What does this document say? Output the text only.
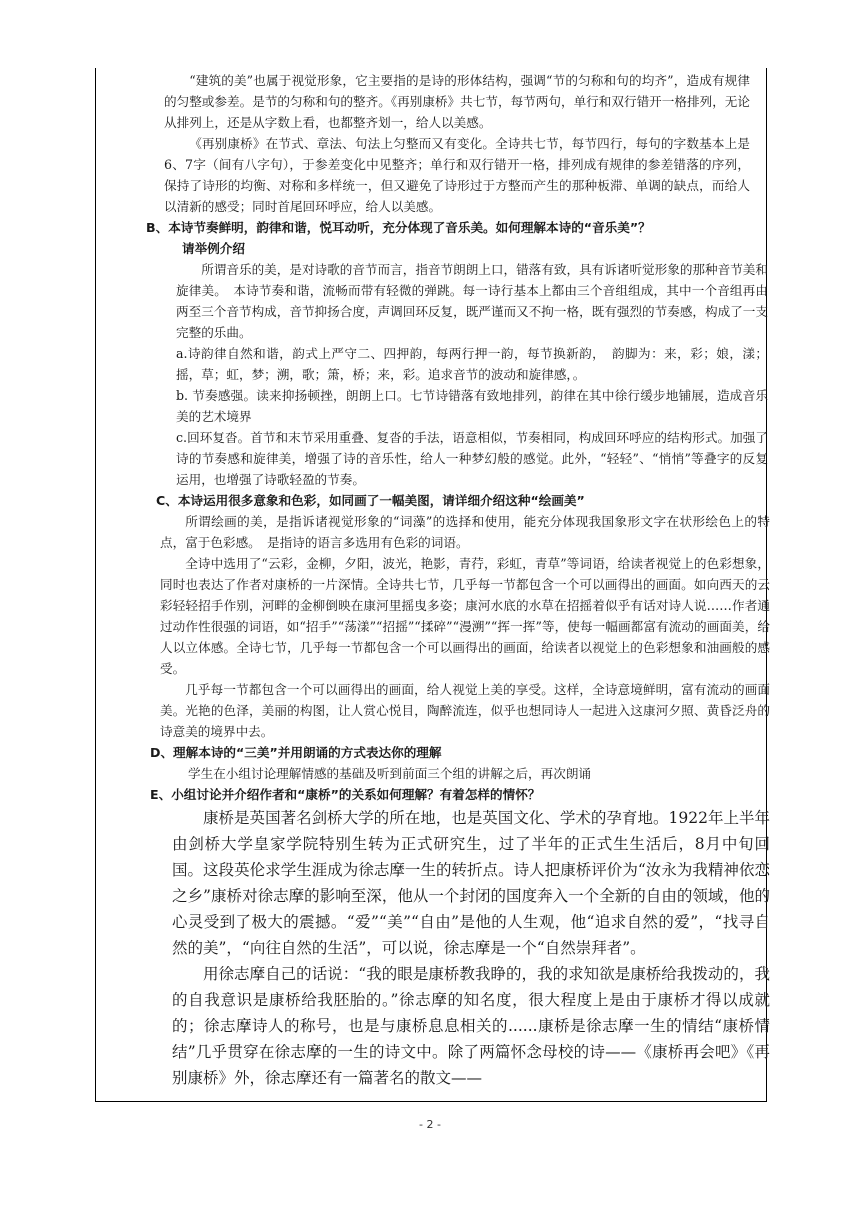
“建筑的美”也属于视觉形象，它主要指的是诗的形体结构，强调“节的匀称和句的均齐”，造成有规律的匀整或参差。是节的匀称和句的整齐。《再别康桥》共七节，每节两句，单行和双行错开一格排列，无论从排列上，还是从字数上看，也都整齐划一，给人以美感。

《再别康桥》在节式、章法、句法上匀整而又有变化。全诗共七节，每节四行，每句的字数基本上是6、7字（间有八字句），于参差变化中见整齐；单行和双行错开一格，排列成有规律的参差错落的序列，保持了诗形的均衡、对称和多样统一，但又避免了诗形过于方整而产生的那种板滞、单调的缺点，而给人以清新的感受；同时首尾回环呼应，给人以美感。

B、本诗节奏鲜明，韵律和谐，悦耳动听，充分体现了音乐美。如何理解本诗的“音乐美”？
请举例介绍

所谓音乐的美，是对诗歌的音节而言，指音节朗朗上口，错落有致，具有诉诸听觉形象的那种音节美和旋律美。　本诗节奏和谐，流畅而带有轻微的弹跳。每一诗行基本上都由三个音组组成，其中一个音组再由两至三个音节构成，音节抑扬合度，声调回环反复，既严谨而又不拘一格，既有强烈的节奏感，构成了一支完整的乐曲。

a.诗韵律自然和谐，韵式上严守二、四押韵，每两行押一韵，每节换新韵，　韵脚为：来，彩；娘，漾；摇，草；虹，梦；溯，歌；箫，桥；来，彩。追求音节的波动和旋律感，。

b. 节奏感强。读来抑扬顿挫，朗朗上口。七节诗错落有致地排列，韵律在其中徐行缓步地铺展，造成音乐美的艺术境界

c.回环复沓。首节和末节采用重叠、复沓的手法，语意相似，节奏相同，构成回环呼应的结构形式。加强了诗的节奏感和旋律美，增强了诗的音乐性，给人一种梦幻般的感觉。此外，“轻轻”、“悄悄”等叠字的反复运用，也增强了诗歌轻盈的节奏。

C、本诗运用很多意象和色彩，如同画了一幅美图，请详细介绍这种“绘画美”

所谓绘画的美，是指诉诸视觉形象的“词藻”的选择和使用，能充分体现我国象形文字在状形绘色上的特点，富于色彩感。　是指诗的语言多选用有色彩的词语。

全诗中选用了“云彩，金柳，夕阳，波光，艳影，青荇，彩虹，青草”等词语，给读者视觉上的色彩想象，同时也表达了作者对康桥的一片深情。全诗共七节，几乎每一节都包含一个可以画得出的画面。如向西天的云彩轻轻招手作别，河畔的金柳倒映在康河里摇曳多姿；康河水底的水草在招摇着似乎有话对诗人说……作者通过动作性很强的词语，如“招手”“荡漾”“招摇”“揉碎”“漫溯”“挥一挥”等，使每一幅画都富有流动的画面美，给人以立体感。全诗七节，几乎每一节都包含一个可以画得出的画面，给读者以视觉上的色彩想象和油画般的感受。

几乎每一节都包含一个可以画得出的画面，给人视觉上美的享受。这样，全诗意境鲜明，富有流动的画面美。光艳的色泽，美丽的构图，让人赏心悦目，陶醉流连，似乎也想同诗人一起进入这康河夕照、黄昏泛舟的诗意美的境界中去。

D、理解本诗的“三美”并用朗诵的方式表达你的理解

学生在小组讨论理解情感的基础及听到前面三个组的讲解之后，再次朗诵

E、小组讨论并介绍作者和“康桥”的关系如何理解？有着怎样的情怀？

康桥是英国著名剑桥大学的所在地，也是英国文化、学术的孕育地。1922年上半年由剑桥大学皇家学院特别生转为正式研究生，过了半年的正式生生活后，8月中旬回国。这段英伦求学生涯成为徐志摩一生的转折点。诗人把康桥评价为“汝永为我精神依恋之乡”康桥对徐志摩的影响至深，他从一个封闭的国度奔入一个全新的自由的领域，他的心灵受到了极大的震撼。“爱”“美”“自由”是他的人生观，他“追求自然的爱”，“找寻自然的美”，“向往自然的生活”，可以说，徐志摩是一个“自然崇拜者”。

用徐志摩自己的话说：“我的眼是康桥教我睁的，我的求知欲是康桥给我拨动的，我的自我意识是康桥给我胚胎的。”徐志摩的知名度，很大程度上是由于康桥才得以成就的；徐志摩诗人的称号，也是与康桥息息相关的......康桥是徐志摩一生的情结“康桥情结”几乎贯穿在徐志摩的一生的诗文中。除了两篇怀念母校的诗——《康桥再会吧》《再别康桥》外，徐志摩还有一篇著名的散文——

- 2 -
